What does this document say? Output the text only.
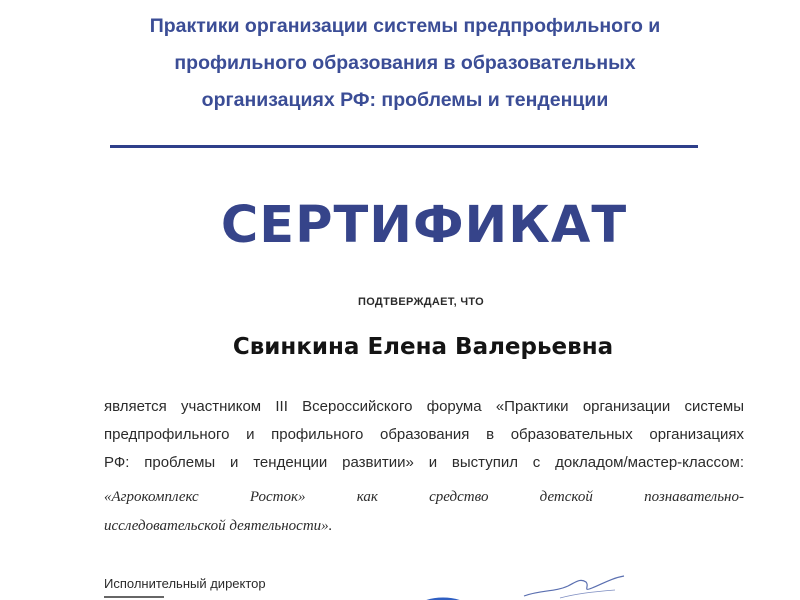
Практики организации системы предпрофильного и
профильного образования в образовательных
организациях РФ: проблемы и тенденции
СЕРТИФИКАТ
ПОДТВЕРЖДАЕТ, ЧТО
Свинкина Елена Валерьевна
является участником III Всероссийского форума «Практики организации системы
предпрофильного и профильного образования в образовательных организациях
РФ: проблемы и тенденции развитии» и выступил с докладом/мастер-классом:
«Агрокомплекс Росток» как средство детской познавательно-
исследовательской деятельности».
Исполнительный директор
